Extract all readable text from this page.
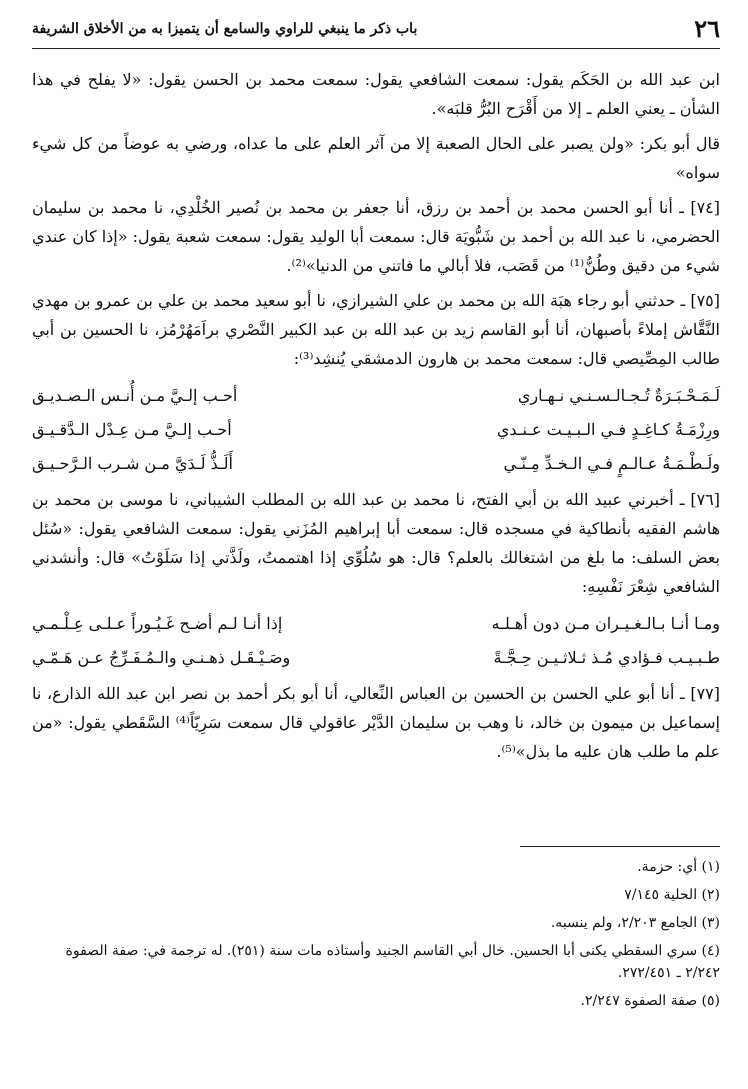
٢٦
باب ذكر ما ينبغي للراوي والسامع أن يتميزا به من الأخلاق الشريفة

ابن عبد الله بن الحَكَم يقول: سمعت الشافعي يقول: سمعت محمد بن الحسن يقول: «لا يفلح في هذا الشأن ـ يعني العلم ـ إلا من أَقْرَح البُرُّ قلبَه».

قال أبو بكر: «ولن يصبر على الحال الصعبة إلا من آثر العلم على ما عداه، ورضي به عوضاً من كل شيء سواه»

[٧٤] ـ أنا أبو الحسن محمد بن أحمد بن رزق، أنا جعفر بن محمد بن نُصير الخُلْدِي، نا محمد بن سليمان الحضرمي، نا عبد الله بن أحمد بن شَبُّويَة قال: سمعت أبا الوليد يقول: سمعت شعبة يقول: «إذا كان عندي شيء من دقيق وطُنُّ⁽¹⁾ من قَصَب، فلا أبالي ما فاتني من الدنيا»⁽²⁾.

[٧٥] ـ حدثني أبو رجاء هبَة الله بن محمد بن علي الشيرازي، نا أبو سعيد محمد بن علي بن عمرو بن مهدي النَّقَّاش إملاءً بأصبهان، أنا أبو القاسم زيد بن عبد الله بن عبد الكبير النَّصْري براَمَهُرْمُز، نا الحسين بن أبي طالب المِصِّيصي قال: سمعت محمد بن هارون الدمشقي يُنشِد⁽³⁾:

لَـمَـحْـبَـرَةٌ تُـجـالـسـنـي نـهـاري
أحـب إلـيَّ مـن أُنـس الـصـديـق
ورِزْمَـةُ كـاغِـدٍ فـي الـبـيـت عـنـدي
أحـب إلـيَّ مـن عِـدْل الـدَّقـيـق
ولَـطْـمَـةُ عـالـمٍ فـي الـخـدِّ مِـنّـي
أَلَـذُّ لَـدَيَّ مـن شـرب الـرَّحـيـق

[٧٦] ـ أخبرني عبيد الله بن أبي الفتح، نا محمد بن عبد الله بن المطلب الشيباني، نا موسى بن محمد بن هاشم الفقيه بأنطاكية في مسجده قال: سمعت أبا إبراهيم المُزَني يقول: سمعت الشافعي يقول: «سُئل بعض السلف: ما بلغ من اشتغالك بالعلم؟ قال: هو سُلُوِّي إذا اهتممتُ، ولَذَّتي إذا سَلَوْتُ» قال: وأنشدني الشافعي شِعْرَ نَفْسِهِ:

ومـا أنـا بـالـغـيـران مـن دون أهـلـه
إذا أنـا لـم أضـح غَـيُـوراً عـلـى عِـلْـمـي
طـبـيـب فـؤادي مُـذ ثـلاثـيـن حِـجَّـةً
وصَـيْـقَـل ذهـنـي والـمُـفَـرِّجُ عـن هَـمّـي

[٧٧] ـ أنا أبو علي الحسن بن الحسين بن العباس النِّعالي، أنا أبو بكر أحمد بن نصر ابن عبد الله الذارع، نا إسماعيل بن ميمون بن خالد، نا وهب بن سليمان الدَّيْر عاقولي قال سمعت سَرِيّاً⁽⁴⁾ السَّقَطي يقول: «من علم ما طلب هان عليه ما بذل»⁽⁵⁾.

(١) أي: حزمة.
(٢) الحلية ٧/١٤٥
(٣) الجامع ٢/٢٠٣، ولم ينسبه.
(٤) سري السقطي يكنى أبا الحسين. خال أبي القاسم الجنيد وأستاذه مات سنة (٢٥١). له ترجمة في: صفة الصفوة ٢/٢٤٢ ـ ٢٧٢/٤٥١.
(٥) صفة الصفوة ٢/٢٤٧.
